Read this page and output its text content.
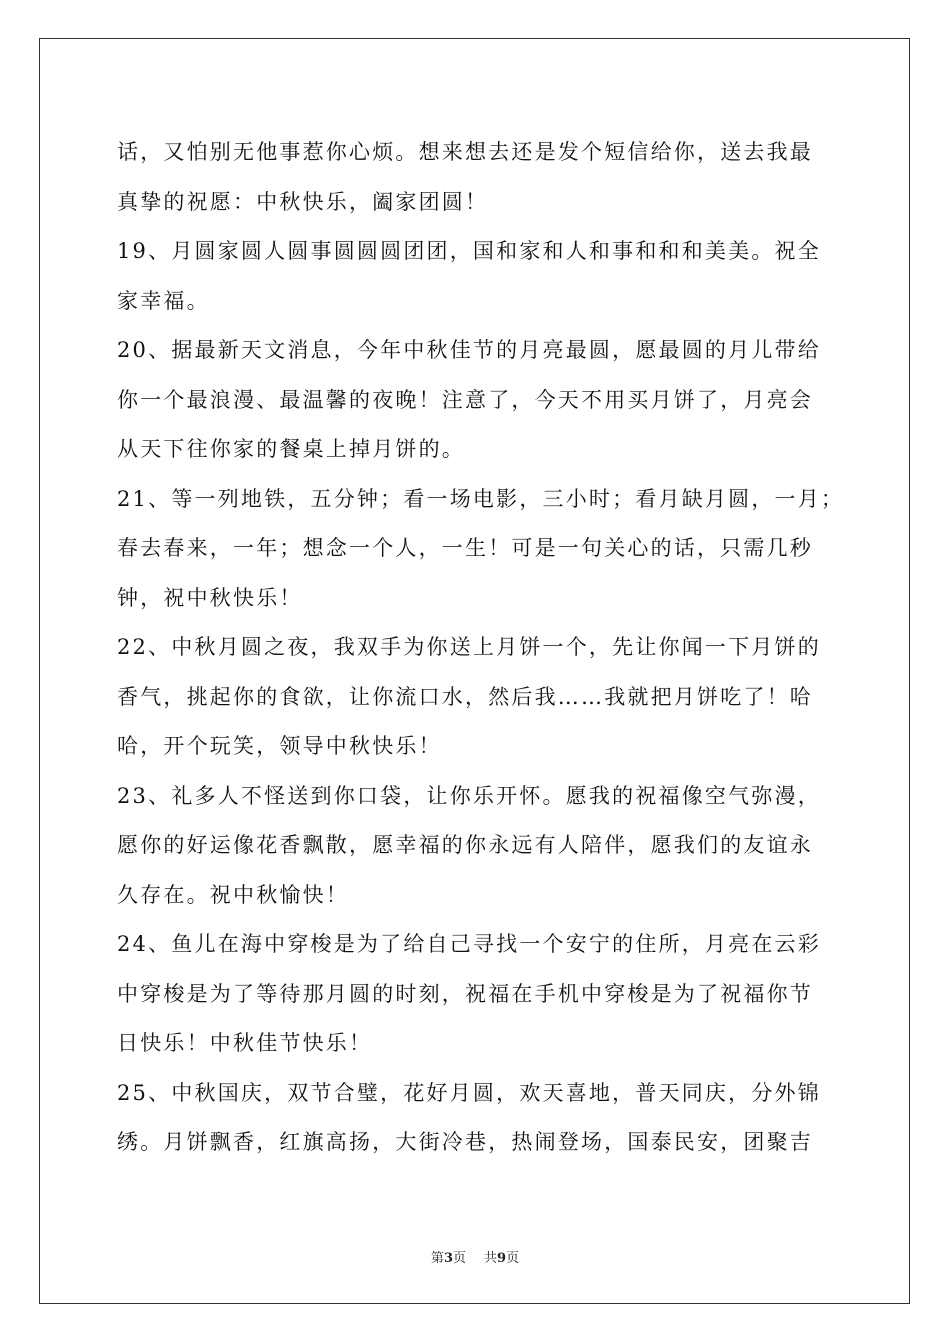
话，又怕别无他事惹你心烦。想来想去还是发个短信给你，送去我最
真挚的祝愿：中秋快乐，阖家团圆！
19、月圆家圆人圆事圆圆圆团团，国和家和人和事和和和美美。祝全
家幸福。
20、据最新天文消息，今年中秋佳节的月亮最圆，愿最圆的月儿带给
你一个最浪漫、最温馨的夜晚！注意了，今天不用买月饼了，月亮会
从天下往你家的餐桌上掉月饼的。
21、等一列地铁，五分钟；看一场电影，三小时；看月缺月圆，一月；
春去春来，一年；想念一个人，一生！可是一句关心的话，只需几秒
钟，祝中秋快乐！
22、中秋月圆之夜，我双手为你送上月饼一个，先让你闻一下月饼的
香气，挑起你的食欲，让你流口水，然后我……我就把月饼吃了！哈
哈，开个玩笑，领导中秋快乐！
23、礼多人不怪送到你口袋，让你乐开怀。愿我的祝福像空气弥漫，
愿你的好运像花香飘散，愿幸福的你永远有人陪伴，愿我们的友谊永
久存在。祝中秋愉快！
24、鱼儿在海中穿梭是为了给自己寻找一个安宁的住所，月亮在云彩
中穿梭是为了等待那月圆的时刻，祝福在手机中穿梭是为了祝福你节
日快乐！中秋佳节快乐！
25、中秋国庆，双节合璧，花好月圆，欢天喜地，普天同庆，分外锦
绣。月饼飘香，红旗高扬，大街冷巷，热闹登场，国泰民安，团聚吉
第3页 共9页
